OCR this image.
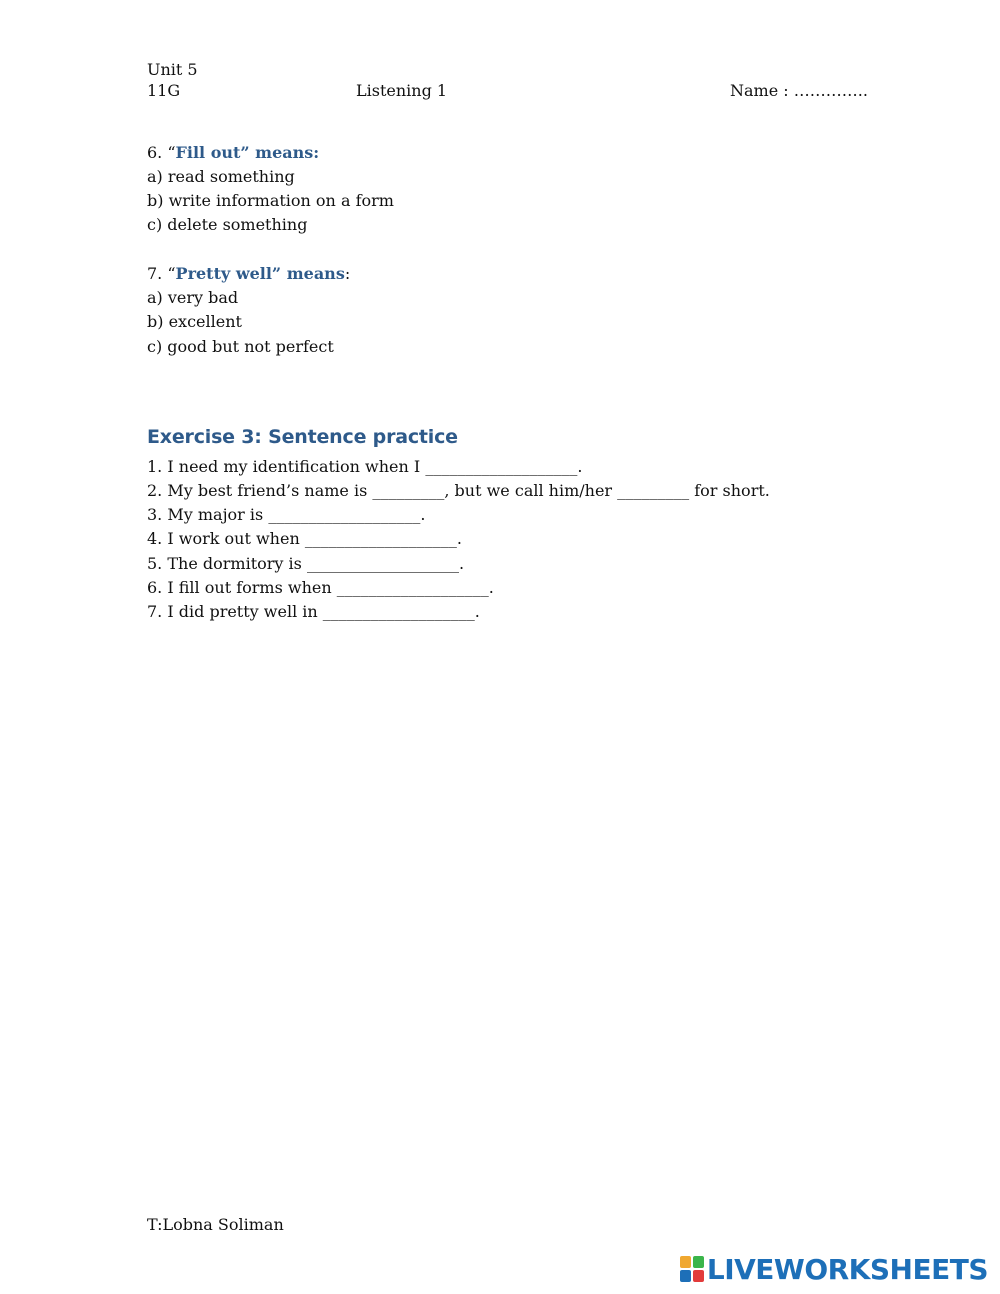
Unit 5
11G	Listening 1	Name : …………..
6. “Fill out” means:
a) read something
b) write information on a form
c) delete something
7. “Pretty well” means:
a) very bad
b) excellent
c) good but not perfect
Exercise 3: Sentence practice
1. I need my identification when I ___________________.
2. My best friend’s name is _________, but we call him/her _________ for short.
3. My major is ___________________.
4. I work out when ___________________.
5. The dormitory is ___________________.
6. I fill out forms when ___________________.
7. I did pretty well in ___________________.
T:Lobna Soliman
LIVEWORKSHEETS
